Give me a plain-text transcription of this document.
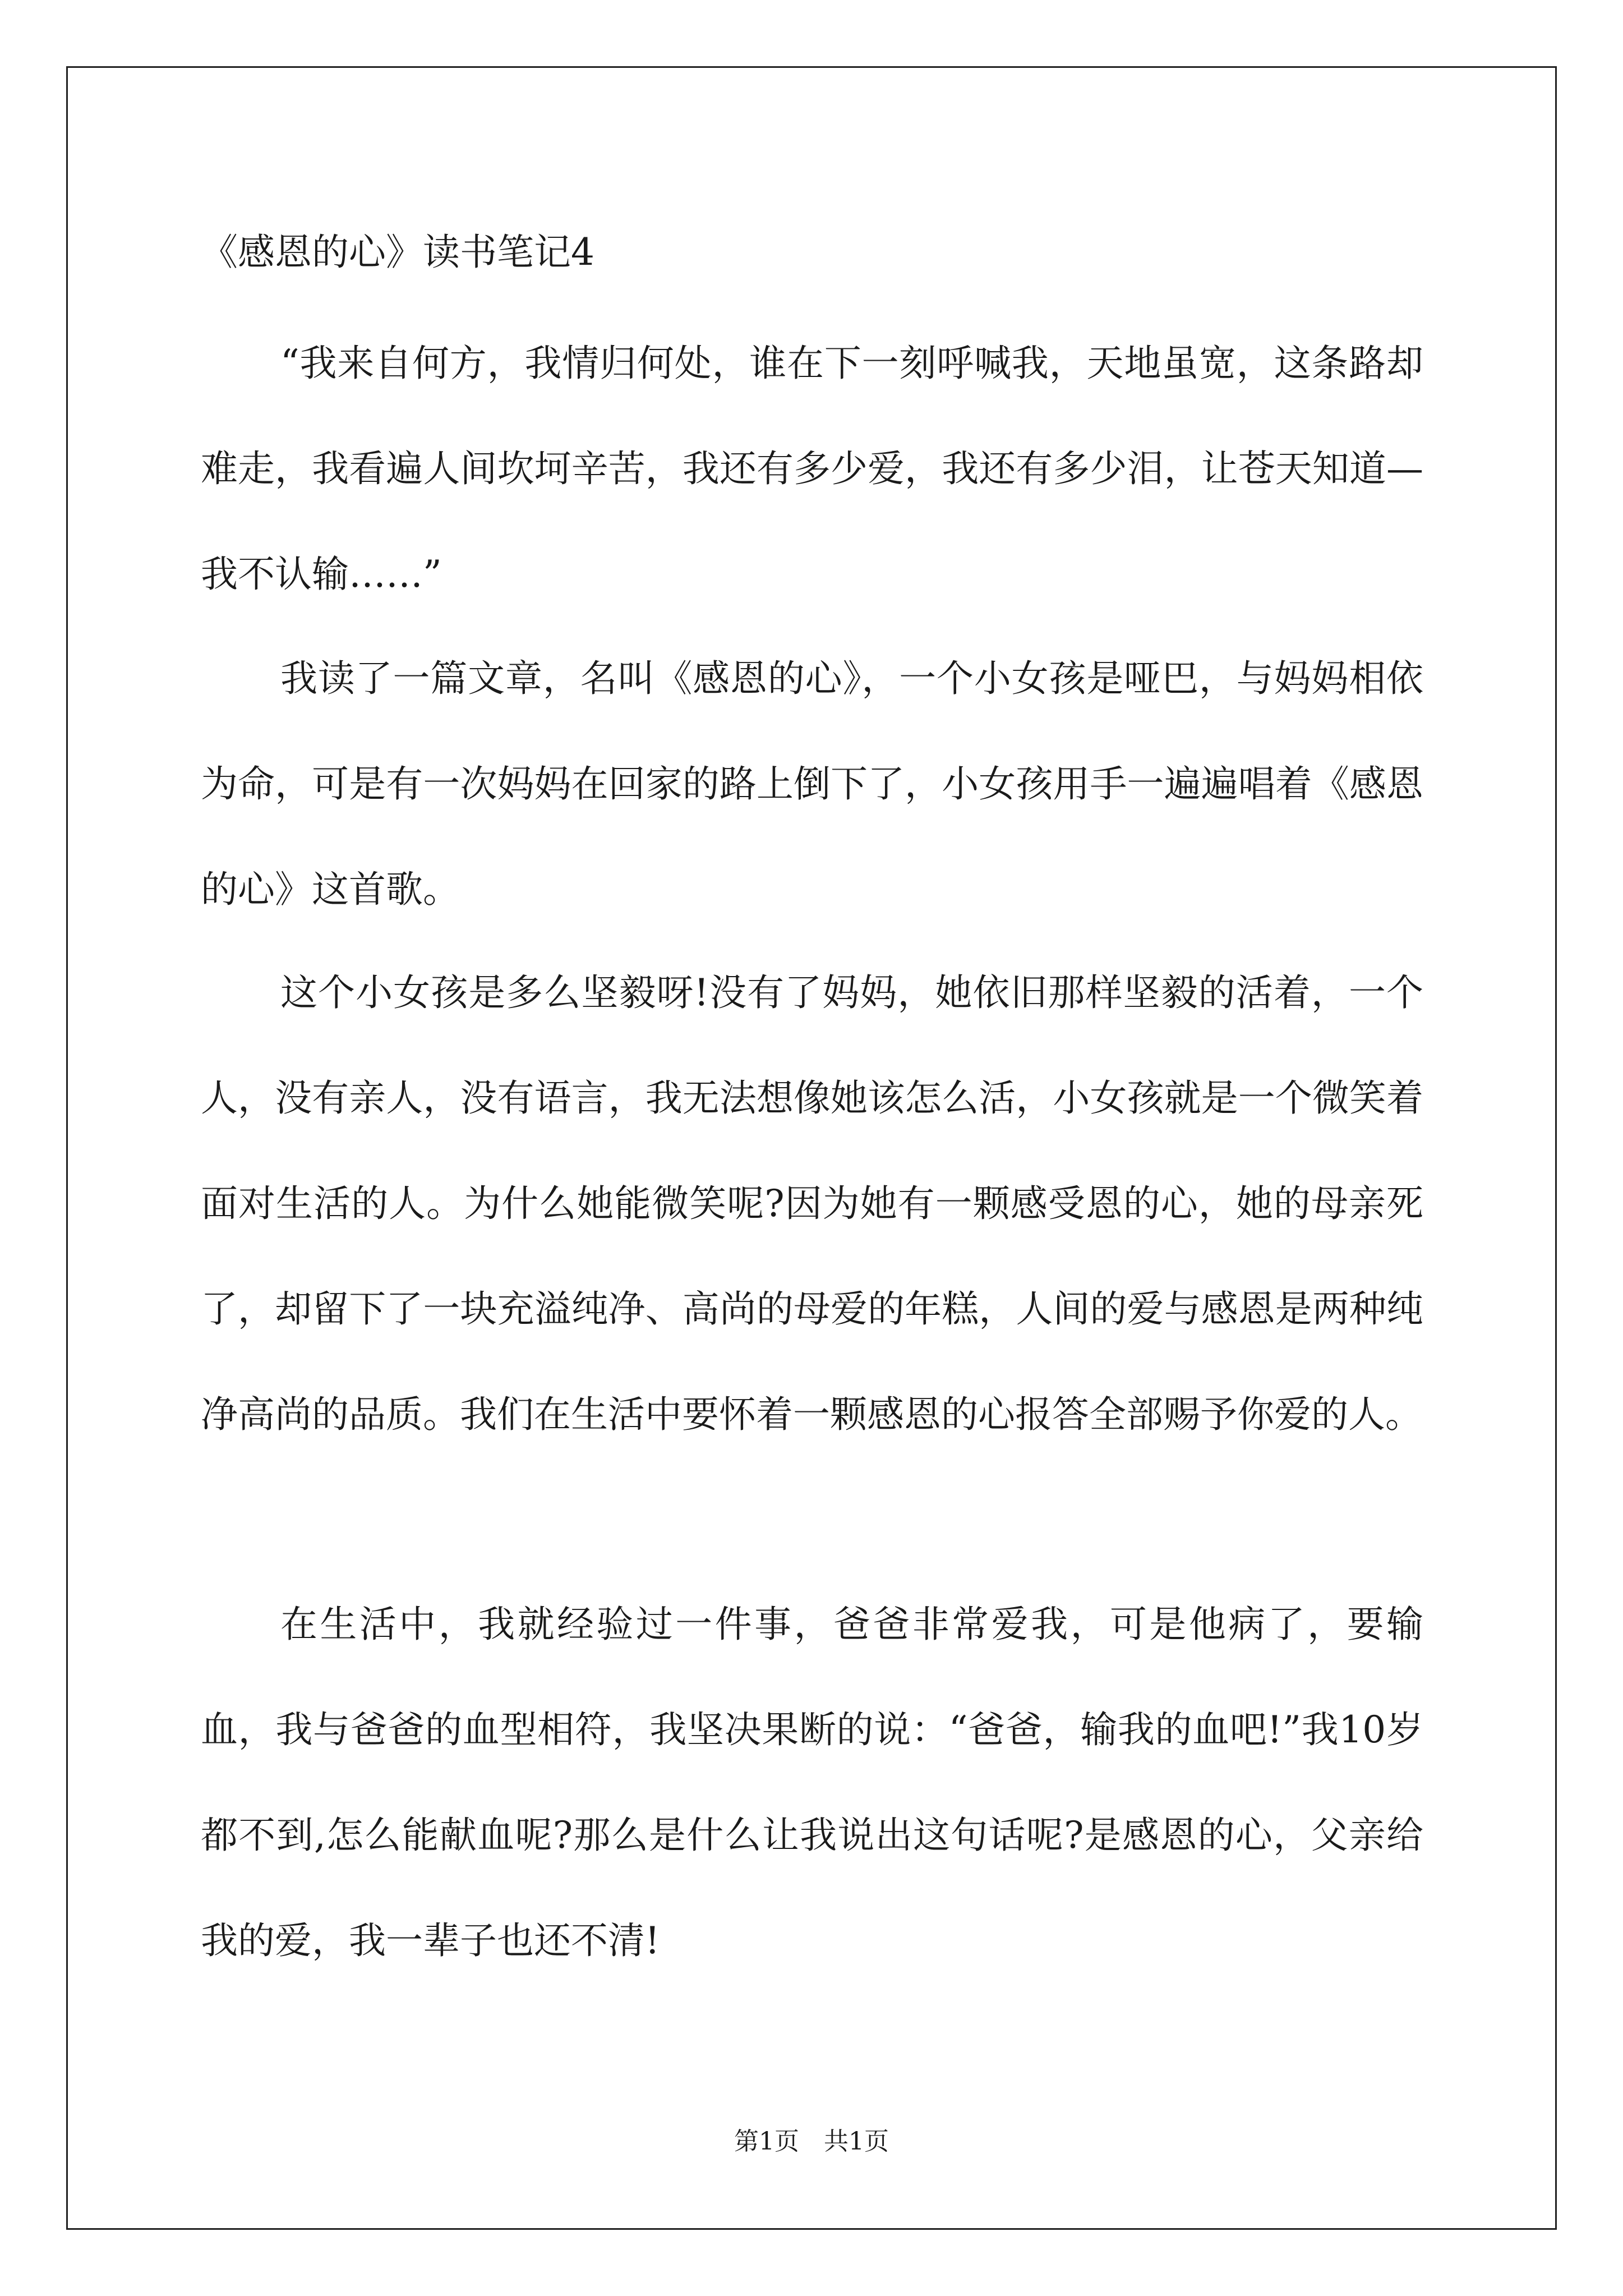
《感恩的心》读书笔记4

“我来自何方，我情归何处，谁在下一刻呼喊我，天地虽宽，这条路却难走，我看遍人间坎坷辛苦，我还有多少爱，我还有多少泪，让苍天知道—我不认输……”

我读了一篇文章，名叫《感恩的心》，一个小女孩是哑巴，与妈妈相依为命，可是有一次妈妈在回家的路上倒下了，小女孩用手一遍遍唱着《感恩的心》这首歌。

这个小女孩是多么坚毅呀!没有了妈妈，她依旧那样坚毅的活着，一个人，没有亲人，没有语言，我无法想像她该怎么活，小女孩就是一个微笑着面对生活的人。为什么她能微笑呢?因为她有一颗感受恩的心，她的母亲死了，却留下了一块充溢纯净、高尚的母爱的年糕，人间的爱与感恩是两种纯净高尚的品质。我们在生活中要怀着一颗感恩的心报答全部赐予你爱的人。

在生活中，我就经验过一件事，爸爸非常爱我，可是他病了，要输血，我与爸爸的血型相符，我坚决果断的说：“爸爸，输我的血吧!”我10岁都不到,怎么能献血呢?那么是什么让我说出这句话呢?是感恩的心，父亲给我的爱，我一辈子也还不清!

第1页　共1页
